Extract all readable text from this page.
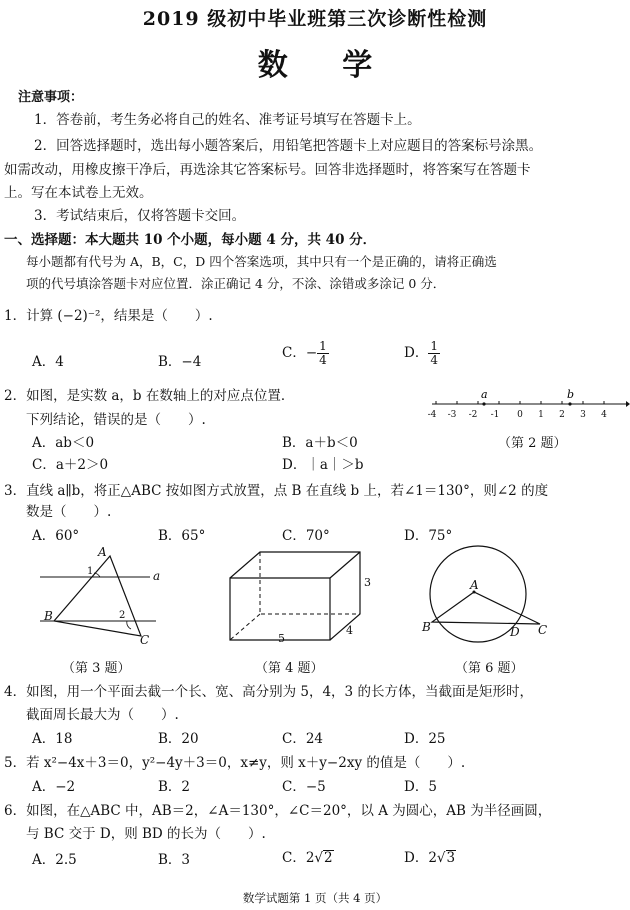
2019 级初中毕业班第三次诊断性检测
数 学
注意事项：
1．答卷前，考生务必将自己的姓名、准考证号填写在答题卡上。
2．回答选择题时，选出每小题答案后，用铅笔把答题卡上对应题目的答案标号涂黑。
如需改动，用橡皮擦干净后，再选涂其它答案标号。回答非选择题时，将答案写在答题卡
上。写在本试卷上无效。
3．考试结束后，仅将答题卡交回。
一、选择题：本大题共 10 个小题，每小题 4 分，共 40 分．
每小题都有代号为 A，B，C，D 四个答案选项，其中只有一个是正确的，请将正确选
项的代号填涂答题卡对应位置．涂正确记 4 分，不涂、涂错或多涂记 0 分．
1．计算 (−2)⁻²，结果是（　　）.
A．4	B．−4
C．− $\frac{1}{4}$	D． $\frac{1}{4}$
2．如图，是实数 a，b 在数轴上的对应点位置．
下列结论，错误的是（　　）.
A．ab＜0	B．a＋b＜0
C．a＋2＞0	D．｜a｜＞b
-4 -3 -2 -1 0 1 2 3 4
a	b
（第 2 题）
3．直线 a∥b，将正△ABC 按如图方式放置，点 B 在直线 b 上，若∠1＝130°，则∠2 的度
数是（　　）.
A．60°	B．65°	C．70°	D．75°
A
B
C
a
1
2
（第 3 题）
3
4
5
（第 4 题）
A
B	C
D
（第 6 题）
4．如图，用一个平面去截一个长、宽、高分别为 5，4，3 的长方体，当截面是矩形时，
截面周长最大为（　　）.
A．18	B．20	C．24	D．25
5．若 x²−4x＋3＝0，y²−4y＋3＝0，x≠y，则 x＋y−2xy 的值是（　　）.
A．−2	B．2	C．−5	D．5
6．如图，在△ABC 中，AB＝2，∠A＝130°，∠C＝20°，以 A 为圆心，AB 为半径画圆，
与 BC 交于 D，则 BD 的长为（　　）.
A．2.5	B．3	C．2√2	D．2√3
数学试题第 1 页（共 4 页）
